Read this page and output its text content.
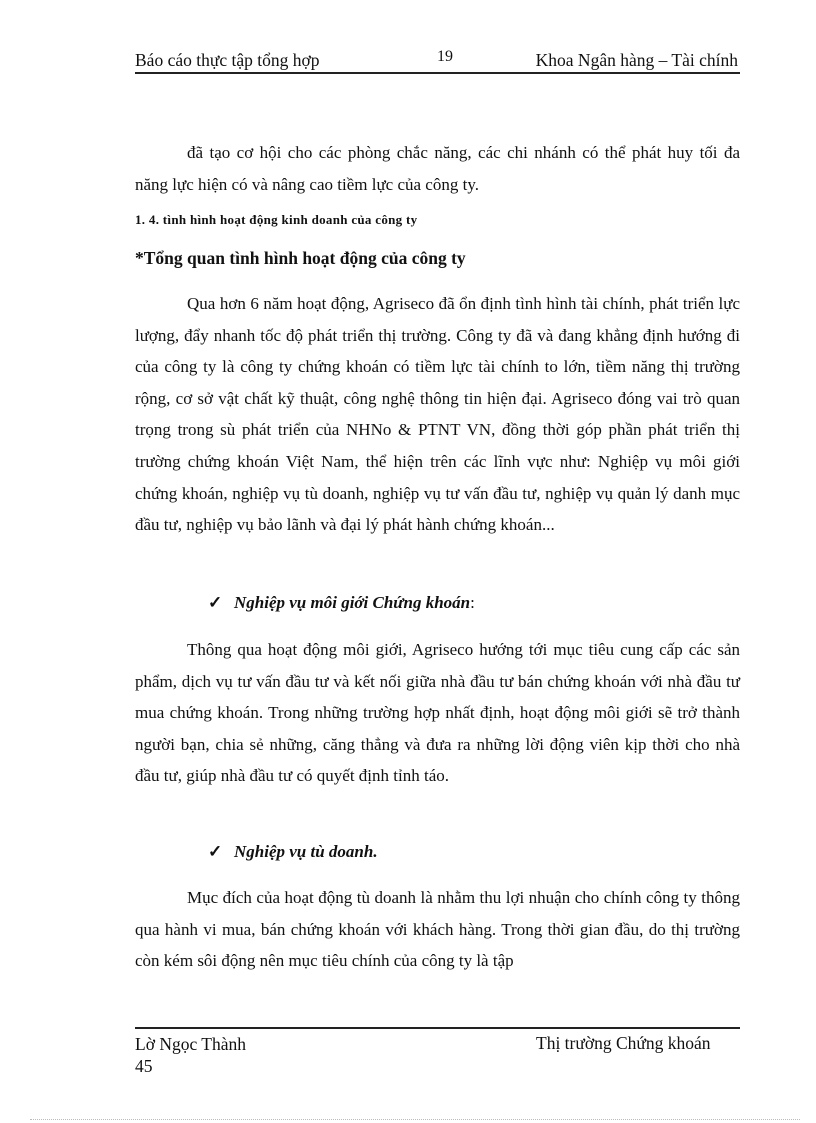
Báo cáo thực tập tổng hợp	19	Khoa Ngân hàng – Tài chính

đã tạo cơ hội cho các phòng chắc năng, các chi nhánh có thể phát huy tối đa năng lực hiện có và nâng cao tiềm lực của công ty.

1. 4. tình hình hoạt động kinh doanh của công ty
*Tổng quan tình hình hoạt động của công ty

Qua hơn 6 năm hoạt động, Agriseco đã ổn định tình hình tài chính, phát triển lực lượng, đẩy nhanh tốc độ phát triển thị trường. Công ty đã và đang khẳng định hướng đi của công ty là công ty chứng khoán có tiềm lực tài chính to lớn, tiềm năng thị trường rộng, cơ sở vật chất kỹ thuật, công nghệ thông tin hiện đại. Agriseco đóng vai trò quan trọng trong sù phát triển của NHNo & PTNT VN, đồng thời góp phần phát triển thị trường chứng khoán Việt Nam, thể hiện trên các lĩnh vực như: Nghiệp vụ môi giới chứng khoán, nghiệp vụ tù doanh, nghiệp vụ tư vấn đầu tư, nghiệp vụ quản lý danh mục đầu tư, nghiệp vụ bảo lãnh và đại lý phát hành chứng khoán...

✓ Nghiệp vụ môi giới Chứng khoán:

Thông qua hoạt động môi giới, Agriseco hướng tới mục tiêu cung cấp các sản phẩm, dịch vụ tư vấn đầu tư và kết nối giữa nhà đầu tư bán chứng khoán với nhà đầu tư mua chứng khoán. Trong những trường hợp nhất định, hoạt động môi giới sẽ trở thành người bạn, chia sẻ những, căng thẳng và đưa ra những lời động viên kịp thời cho nhà đầu tư, giúp nhà đầu tư có quyết định tỉnh táo.

✓ Nghiệp vụ tù doanh.

Mục đích của hoạt động tù doanh là nhằm thu lợi nhuận cho chính công ty thông qua hành vi mua, bán chứng khoán với khách hàng. Trong thời gian đầu, do thị trường còn kém sôi động nên mục tiêu chính của công ty là tập

Lờ Ngọc Thành
45
Thị trường Chứng khoán
